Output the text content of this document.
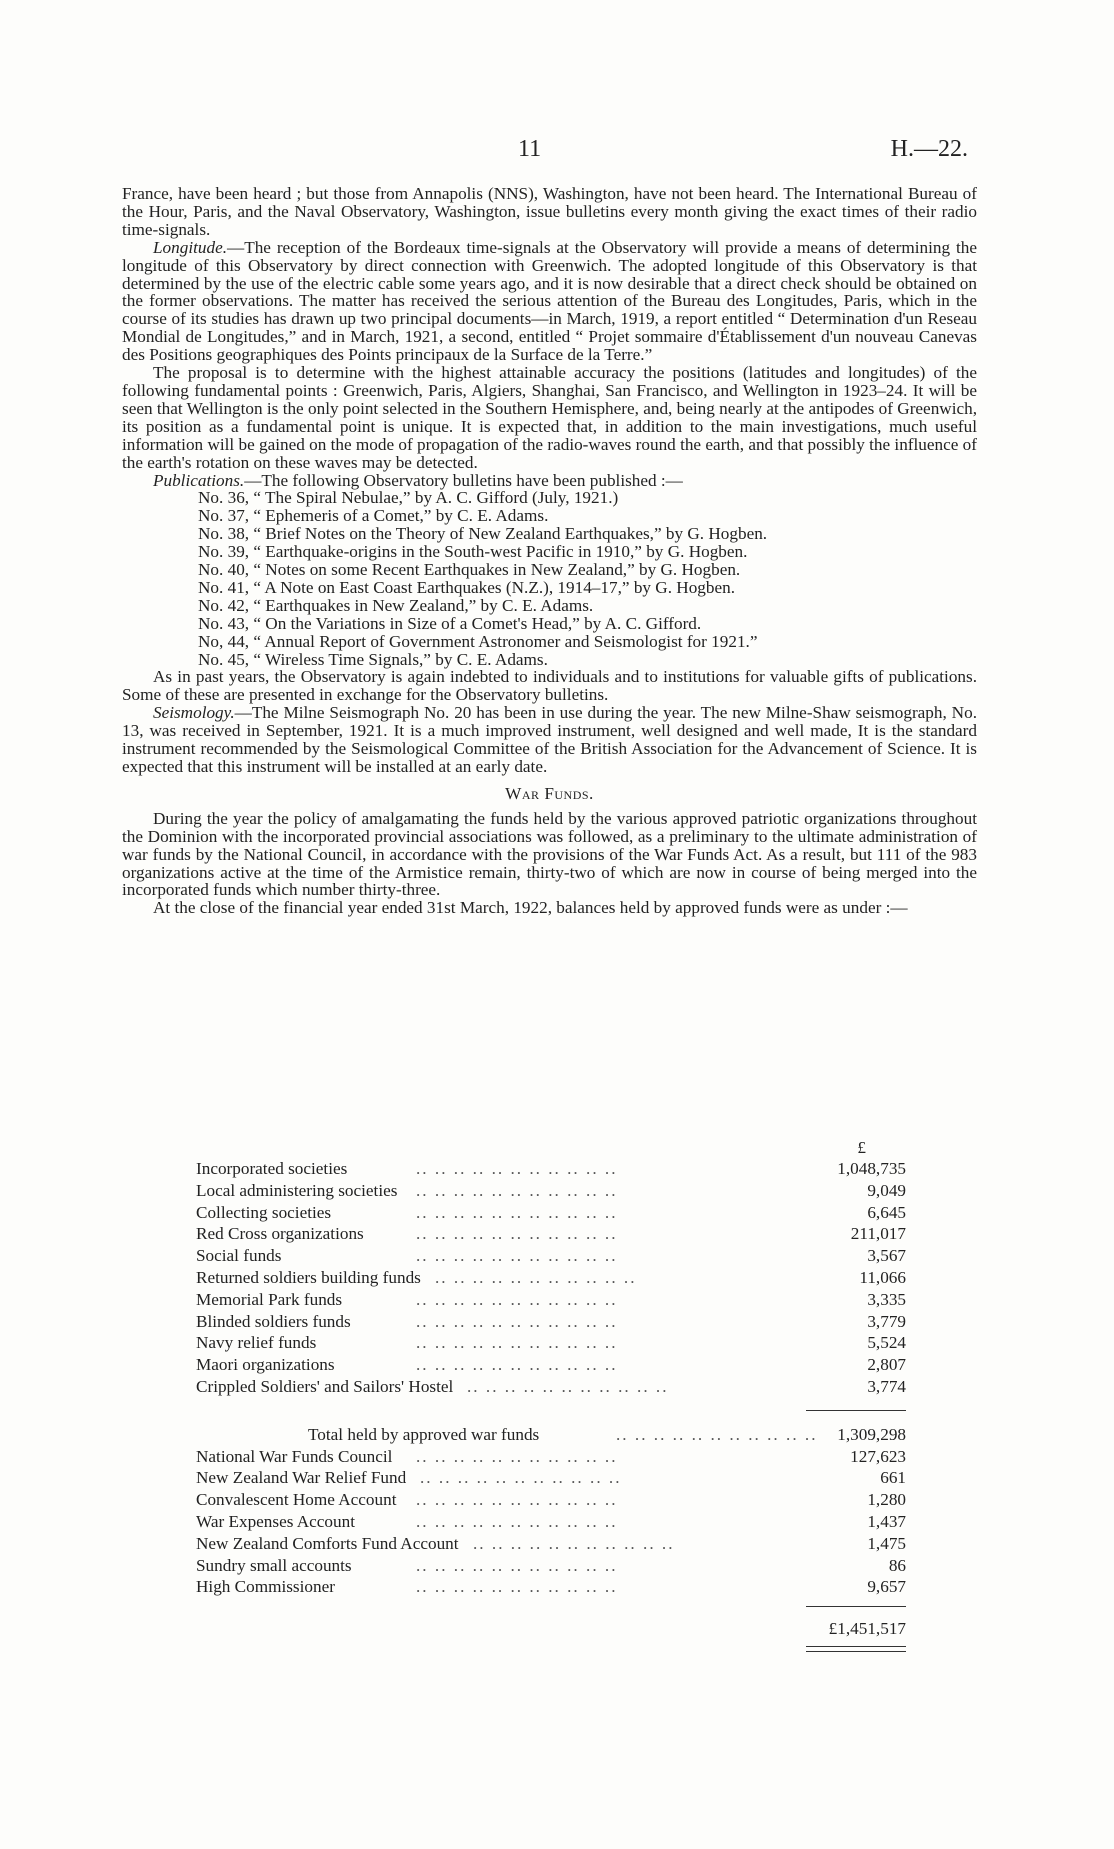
11	H.—22.

France, have been heard ; but those from Annapolis (NNS), Washington, have not been heard. The International Bureau of the Hour, Paris, and the Naval Observatory, Washington, issue bulletins every month giving the exact times of their radio time-signals.

Longitude.—The reception of the Bordeaux time-signals at the Observatory will provide a means of determining the longitude of this Observatory by direct connection with Greenwich. The adopted longitude of this Observatory is that determined by the use of the electric cable some years ago, and it is now desirable that a direct check should be obtained on the former observations. The matter has received the serious attention of the Bureau des Longitudes, Paris, which in the course of its studies has drawn up two principal documents—in March, 1919, a report entitled “ Determination d'un Reseau Mondial de Longitudes,” and in March, 1921, a second, entitled “ Projet sommaire d'Établissement d'un nouveau Canevas des Positions geographiques des Points principaux de la Surface de la Terre.”

The proposal is to determine with the highest attainable accuracy the positions (latitudes and longitudes) of the following fundamental points : Greenwich, Paris, Algiers, Shanghai, San Francisco, and Wellington in 1923–24. It will be seen that Wellington is the only point selected in the Southern Hemisphere, and, being nearly at the antipodes of Greenwich, its position as a fundamental point is unique. It is expected that, in addition to the main investigations, much useful information will be gained on the mode of propagation of the radio-waves round the earth, and that possibly the influence of the earth's rotation on these waves may be detected.

Publications.—The following Observatory bulletins have been published :—

No. 36, “ The Spiral Nebulae,” by A. C. Gifford (July, 1921.)
No. 37, “ Ephemeris of a Comet,” by C. E. Adams.
No. 38, “ Brief Notes on the Theory of New Zealand Earthquakes,” by G. Hogben.
No. 39, “ Earthquake-origins in the South-west Pacific in 1910,” by G. Hogben.
No. 40, “ Notes on some Recent Earthquakes in New Zealand,” by G. Hogben.
No. 41, “ A Note on East Coast Earthquakes (N.Z.), 1914–17,” by G. Hogben.
No. 42, “ Earthquakes in New Zealand,” by C. E. Adams.
No. 43, “ On the Variations in Size of a Comet's Head,” by A. C. Gifford.
No, 44, “ Annual Report of Government Astronomer and Seismologist for 1921.”
No. 45, “ Wireless Time Signals,” by C. E. Adams.

As in past years, the Observatory is again indebted to individuals and to institutions for valuable gifts of publications. Some of these are presented in exchange for the Observatory bulletins.

Seismology.—The Milne Seismograph No. 20 has been in use during the year. The new Milne-Shaw seismograph, No. 13, was received in September, 1921. It is a much improved instrument, well designed and well made, It is the standard instrument recommended by the Seismological Committee of the British Association for the Advancement of Science. It is expected that this instrument will be installed at an early date.

War Funds.

During the year the policy of amalgamating the funds held by the various approved patriotic organizations throughout the Dominion with the incorporated provincial associations was followed, as a preliminary to the ultimate administration of war funds by the National Council, in accordance with the provisions of the War Funds Act. As a result, but 111 of the 983 organizations active at the time of the Armistice remain, thirty-two of which are now in course of being merged into the incorporated funds which number thirty-three.

At the close of the financial year ended 31st March, 1922, balances held by approved funds were as under :—

£
.. .. .. .. .. .. .. .. .. .. ..
Incorporated societies	1,048,735
.. .. .. .. .. .. .. .. .. .. ..
Local administering societies	9,049
.. .. .. .. .. .. .. .. .. .. ..
Collecting societies	6,645
.. .. .. .. .. .. .. .. .. .. ..
Red Cross organizations	211,017
.. .. .. .. .. .. .. .. .. .. ..
Social funds	3,567
.. .. .. .. .. .. .. .. .. .. ..
Returned soldiers building funds	11,066
.. .. .. .. .. .. .. .. .. .. ..
Memorial Park funds	3,335
.. .. .. .. .. .. .. .. .. .. ..
Blinded soldiers funds	3,779
.. .. .. .. .. .. .. .. .. .. ..
Navy relief funds	5,524
.. .. .. .. .. .. .. .. .. .. ..
Maori organizations	2,807
.. .. .. .. .. .. .. .. .. .. ..
Crippled Soldiers' and Sailors' Hostel	3,774
Total held by approved war funds	.. .. .. .. .. .. .. .. .. .. .. 1,309,298
.. .. .. .. .. .. .. .. .. .. ..
National War Funds Council	127,623
.. .. .. .. .. .. .. .. .. .. ..
New Zealand War Relief Fund	661
.. .. .. .. .. .. .. .. .. .. ..
Convalescent Home Account	1,280
.. .. .. .. .. .. .. .. .. .. ..
War Expenses Account	1,437
.. .. .. .. .. .. .. .. .. .. ..
New Zealand Comforts Fund Account	1,475
.. .. .. .. .. .. .. .. .. .. ..
Sundry small accounts	86
.. .. .. .. .. .. .. .. .. .. ..
High Commissioner	9,657
£1,451,517
